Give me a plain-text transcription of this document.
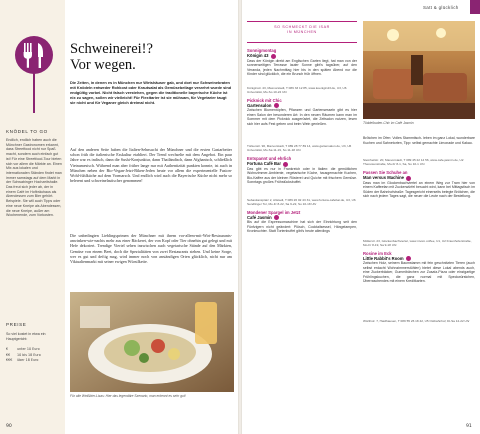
KNÖDEL TO GO
Endlich, endlich haben auch die Münchner Gastronomen erkannt, dass Streetfood nicht nur Spaß macht, sondern auch einfach gut ist! Für eine Streetfood-Tour bieten sich vor allem die Märkte an. Einen Mix aus lokalen und internationalen Ständen findet man immer samstags auf dem Markt in der Schwabinger Hochzeitshalle. Das freut sich jeder ab, der in einem Café im Hofbräuhaus als Abendessen zum Bier gehört. Beispiele. Sie will auch Tipps oder eine neue Kneipe als Abendessen, die neue Kneipe, außer am Wochenende, zum Vorkosten.
PREISE
So viel kostet in etwa ein Hauptgericht:
€	unter 10 Euro
€€	10 bis 18 Euro
€€€	über 18 Euro
Schweinerei!?
Vor wegen.
Die Zeiten, in denen es in München nur Wirtshäuser gab, und dort nur Schweinebraten mit Knödeln entweder Rohkost oder Krautsalat als Gemüsebeilage verzehrt wurde sind endgültig vorbei. Nicht falsch verstehen, gegen die traditionelle bayerische Küche ist nix zu sagen, sollen wir vielleicht! Für Flexitarier ist sie mühsam, für Vegetarier taugt sie nicht und für Veganer gleich dreimal nicht.
Auf den anderen Seite haben die Italien-Sehnsucht der Münchner und die ersten Gastarbeiter schon früh die italienische Esskultur etabliert. Der Trend wechselte mit dem Angebot. Ein paar Jahre war es indisch, dann die Sushi-Konjunktur, dann Thailändisch, dann Afghanisch, schließlich Vietnamesisch. Während man aber früher lange nur mit Authentizität punkten konnte, ist auch in München neben der Bio-Vegan-Jetzt-Biken-Jeden heute vor allem die experimentelle Fusion-Wohl-fühlküche auf dem Vormarsch. Und endlich wird auch die Bayerische Küche nicht mehr so belerent und schweinelastischer genommen!
Die unbedingten Lieblingsprimen der Münchner mit ihrem vor-allem-mit-Wirt-Restaurants-anwinken-wie-nachts mehr aus einer Bäckerei, der von Kopf oder Tier ohnehin gut gelegt und mit Hefe dekoriert. Trendige Viertel sehen inzwischen auch vegetarische Stände auf den Märkten, Gemüse von einem Beet, doch die Spezialitäten von zwei Restaurants stehen. Und keine Sorge, wer es gut und deftig mag, wird immer noch von anständigen Orten glücklich, nicht nur am Viktualienmarkt mit seiner ewigen Würstlkette.
Für alle Weißbier-Lisas: Hier das legendäre Szenario, man erkennt es sehr gut!
90
Satt & glücklich
SO SCHMECKT DIE ISAR
IN MÜNCHEN
Sonnigmontag
Königin 43
Dass der Königin direkt am Englischen Garten liegt, hat man von der sonnenseitigen Terrasse lauter Sonne gibt's tagsüber, auf den Veranda, jeden Nachmittag hier bis in den späten Abend nur die Kinder sind glücklich, die ein Brunch früh öffnen.
Königinstr. 43, Maxvorstadt, T 089 33 12 85, www.koenigin43.de, U3, U6 Universität, Mo-So 10-22 Uhr
Picknick mit Chic
Gartensalon
Zwischen Blumentöpfen, Pflanzen und Gartensesseln gibt es hier einen Salon der besonderen Art: In den neuen Räumen kann man im Sommer mit dem Picknick ausgerüstet, die Zeitsalon nutzen, lesen sich hier aufs Fest geben und beim Wein genießen.
Türkenstr. 90, Maxvorstadt, T 089 28 77 89 14, www.gartensalon.de, U3, U6 Universität, Mo-Sa 11-19, So 11-18 Uhr
Entspannt und ehrlich
Fortuna Café Bar
Das gibt es nur in Frankreich oder in Italien: die gemütlichen Wohnzimmer-Ambiente, vegetarische Küche, hausgemachte Kuchen, Bio-Kaffee aus der kleinen Rösterei und Quiche mit frischem Gemüse. Sonntags großes Frühstücksbuffet.
Sebastiansplatz 2, Altstadt, T 089 26 02 43 31, www.fortuna-cafebar.de, U3, U6 Sendlinger Tor, Mo-Fr 8-22, Sa 9-22, So 10-18 Uhr
Mondener Spargel im Jetzt
Café Jasmin
Bis auf die Espressomaschine hat sich der Einrichtung seit den Fünfzigern nicht geändert: Plüsch, Cocktailsessel, Hängelampen, Kronleuchter. Statt Tortenbuffet gibt's heute allerdings
Tüddelbuden-Chic im Café Jasmin
Brötchen im Ofen: Volles Stammtisch- leben im ganz Lokal, wunderbare Kuchen und Sahnetorten, Tipp: selbst gemachte Limonade und Kakao.
Steinheilstr. 20, Maxvorstadt, T 089 45 22 14 56, www.cafe-jasmin.de, U2 Theresienstraße, Mo-Fr 8-1, Sa, So 10-1 Uhr
Passen Sie Schuhe an
Man versus Machine
Dass man im Glockenbachviertel an einem Weg zur Tram hier von einem Kaffeefan mit Zuckerwürfel besucht wird, kann bei Mittagstisch im Süden der Bahnhofstraße: Tagesgericht einerseits belegte Brötchen, die sich nach jedem Tages sagt, die neuer die Leute nach der Bestellung.
Müllerstr. 23, Glockenbachviertel, www.mvsm.coffee, U1, U2 Fraunhoferstraße, Mo-Fr 8-19, Sa 9-18 Uhr
Rosine im Eck
Little Rabbit's Room
Zwischen Holz, seinem Baumstamm mit fein geschnitzten Tieren (auch selbst erdacht Wohnzimmerstühlen) bietet diese Lokal abends auch, eine Zuckerbäcker, Gummibärchen zur Zusatz-Pizza oder einzigartige Frühlingskuchen, die ganz normal mit Speckwürstchen, Überraschendes mit einem Kreditkarten.
Wörthstr. 7, Haidhausen, T 089 55 26 18 42, U5 Ostbahnhof, Di-Sa 12-22 Uhr
91
